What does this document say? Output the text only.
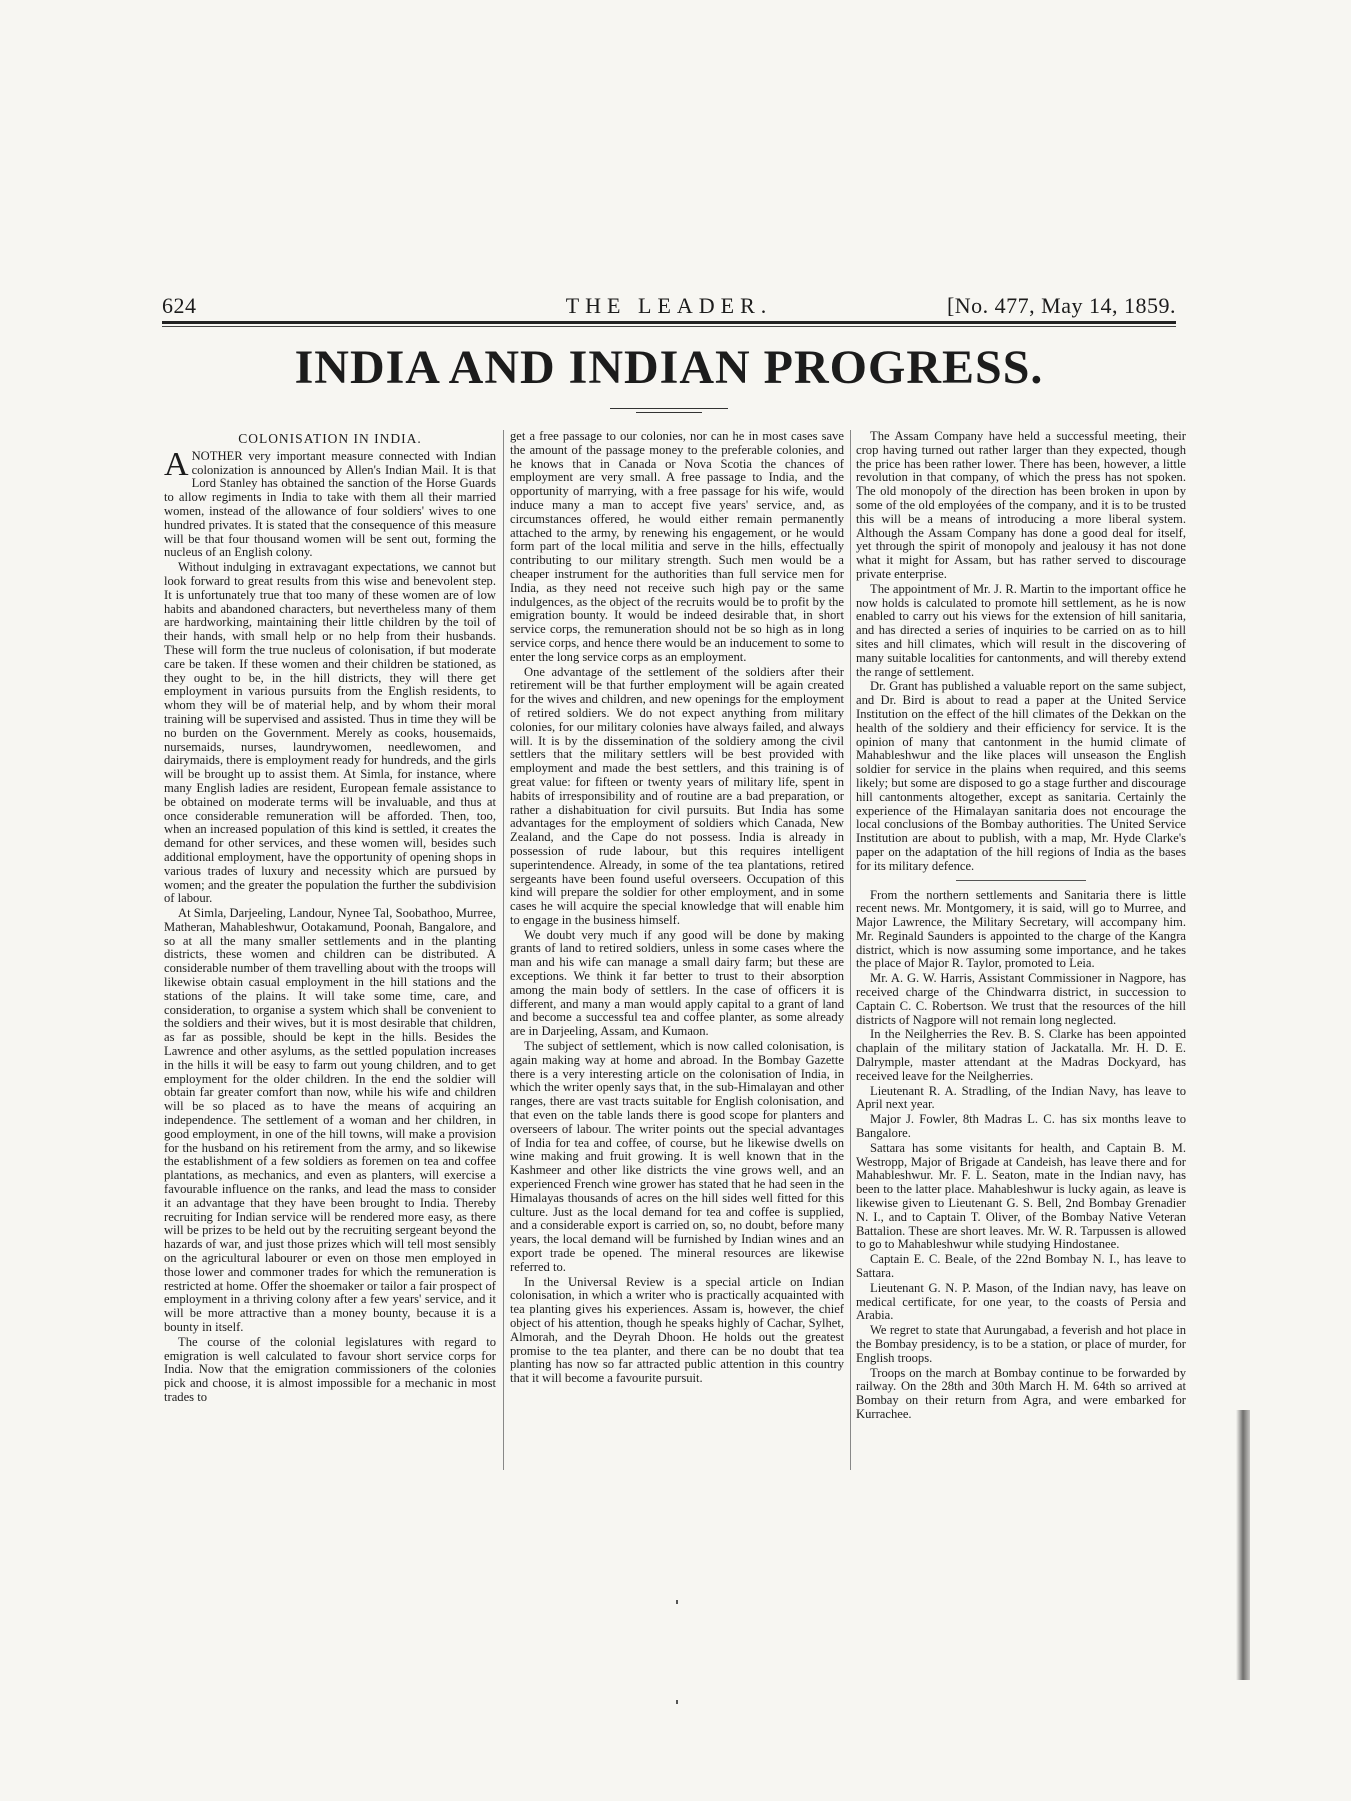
624	THE LEADER.	[No. 477, May 14, 1859.
INDIA AND INDIAN PROGRESS.
COLONISATION IN INDIA.

ANOTHER very important measure connected with Indian colonization is announced by Allen's Indian Mail. It is that Lord Stanley has obtained the sanction of the Horse Guards to allow regiments in India to take with them all their married women, instead of the allowance of four soldiers' wives to one hundred privates. It is stated that the consequence of this measure will be that four thousand women will be sent out, forming the nucleus of an English colony.

Without indulging in extravagant expectations, we cannot but look forward to great results from this wise and benevolent step. It is unfortunately true that too many of these women are of low habits and abandoned characters, but nevertheless many of them are hardworking, maintaining their little children by the toil of their hands, with small help or no help from their husbands. These will form the true nucleus of colonisation, if but moderate care be taken. If these women and their children be stationed, as they ought to be, in the hill districts, they will there get employment in various pursuits from the English residents, to whom they will be of material help, and by whom their moral training will be supervised and assisted. Thus in time they will be no burden on the Government. Merely as cooks, housemaids, nursemaids, nurses, laundrywomen, needlewomen, and dairymaids, there is employment ready for hundreds, and the girls will be brought up to assist them. At Simla, for instance, where many English ladies are resident, European female assistance to be obtained on moderate terms will be invaluable, and thus at once considerable remuneration will be afforded. Then, too, when an increased population of this kind is settled, it creates the demand for other services, and these women will, besides such additional employment, have the opportunity of opening shops in various trades of luxury and necessity which are pursued by women; and the greater the population the further the subdivision of labour.

At Simla, Darjeeling, Landour, Nynee Tal, Soobathoo, Murree, Matheran, Mahableshwur, Ootakamund, Poonah, Bangalore, and so at all the many smaller settlements and in the planting districts, these women and children can be distributed. A considerable number of them travelling about with the troops will likewise obtain casual employment in the hill stations and the stations of the plains. It will take some time, care, and consideration, to organise a system which shall be convenient to the soldiers and their wives, but it is most desirable that children, as far as possible, should be kept in the hills. Besides the Lawrence and other asylums, as the settled population increases in the hills it will be easy to farm out young children, and to get employment for the older children. In the end the soldier will obtain far greater comfort than now, while his wife and children will be so placed as to have the means of acquiring an independence. The settlement of a woman and her children, in good employment, in one of the hill towns, will make a provision for the husband on his retirement from the army, and so likewise the establishment of a few soldiers as foremen on tea and coffee plantations, as mechanics, and even as planters, will exercise a favourable influence on the ranks, and lead the mass to consider it an advantage that they have been brought to India. Thereby recruiting for Indian service will be rendered more easy, as there will be prizes to be held out by the recruiting sergeant beyond the hazards of war, and just those prizes which will tell most sensibly on the agricultural labourer or even on those men employed in those lower and commoner trades for which the remuneration is restricted at home. Offer the shoemaker or tailor a fair prospect of employment in a thriving colony after a few years' service, and it will be more attractive than a money bounty, because it is a bounty in itself.

The course of the colonial legislatures with regard to emigration is well calculated to favour short service corps for India. Now that the emigration commissioners of the colonies pick and choose, it is almost impossible for a mechanic in most trades to

get a free passage to our colonies, nor can he in most cases save the amount of the passage money to the preferable colonies, and he knows that in Canada or Nova Scotia the chances of employment are very small. A free passage to India, and the opportunity of marrying, with a free passage for his wife, would induce many a man to accept five years' service, and, as circumstances offered, he would either remain permanently attached to the army, by renewing his engagement, or he would form part of the local militia and serve in the hills, effectually contributing to our military strength. Such men would be a cheaper instrument for the authorities than full service men for India, as they need not receive such high pay or the same indulgences, as the object of the recruits would be to profit by the emigration bounty. It would be indeed desirable that, in short service corps, the remuneration should not be so high as in long service corps, and hence there would be an inducement to some to enter the long service corps as an employment.

One advantage of the settlement of the soldiers after their retirement will be that further employment will be again created for the wives and children, and new openings for the employment of retired soldiers. We do not expect anything from military colonies, for our military colonies have always failed, and always will. It is by the dissemination of the soldiery among the civil settlers that the military settlers will be best provided with employment and made the best settlers, and this training is of great value: for fifteen or twenty years of military life, spent in habits of irresponsibility and of routine are a bad preparation, or rather a dishabituation for civil pursuits. But India has some advantages for the employment of soldiers which Canada, New Zealand, and the Cape do not possess. India is already in possession of rude labour, but this requires intelligent superintendence. Already, in some of the tea plantations, retired sergeants have been found useful overseers. Occupation of this kind will prepare the soldier for other employment, and in some cases he will acquire the special knowledge that will enable him to engage in the business himself.

We doubt very much if any good will be done by making grants of land to retired soldiers, unless in some cases where the man and his wife can manage a small dairy farm; but these are exceptions. We think it far better to trust to their absorption among the main body of settlers. In the case of officers it is different, and many a man would apply capital to a grant of land and become a successful tea and coffee planter, as some already are in Darjeeling, Assam, and Kumaon.

The subject of settlement, which is now called colonisation, is again making way at home and abroad. In the Bombay Gazette there is a very interesting article on the colonisation of India, in which the writer openly says that, in the sub-Himalayan and other ranges, there are vast tracts suitable for English colonisation, and that even on the table lands there is good scope for planters and overseers of labour. The writer points out the special advantages of India for tea and coffee, of course, but he likewise dwells on wine making and fruit growing. It is well known that in the Kashmeer and other like districts the vine grows well, and an experienced French wine grower has stated that he had seen in the Himalayas thousands of acres on the hill sides well fitted for this culture. Just as the local demand for tea and coffee is supplied, and a considerable export is carried on, so, no doubt, before many years, the local demand will be furnished by Indian wines and an export trade be opened. The mineral resources are likewise referred to.

In the Universal Review is a special article on Indian colonisation, in which a writer who is practically acquainted with tea planting gives his experiences. Assam is, however, the chief object of his attention, though he speaks highly of Cachar, Sylhet, Almorah, and the Deyrah Dhoon. He holds out the greatest promise to the tea planter, and there can be no doubt that tea planting has now so far attracted public attention in this country that it will become a favourite pursuit.

The Assam Company have held a successful meeting, their crop having turned out rather larger than they expected, though the price has been rather lower. There has been, however, a little revolution in that company, of which the press has not spoken. The old monopoly of the direction has been broken in upon by some of the old employées of the company, and it is to be trusted this will be a means of introducing a more liberal system. Although the Assam Company has done a good deal for itself, yet through the spirit of monopoly and jealousy it has not done what it might for Assam, but has rather served to discourage private enterprise.

The appointment of Mr. J. R. Martin to the important office he now holds is calculated to promote hill settlement, as he is now enabled to carry out his views for the extension of hill sanitaria, and has directed a series of inquiries to be carried on as to hill sites and hill climates, which will result in the discovering of many suitable localities for cantonments, and will thereby extend the range of settlement.

Dr. Grant has published a valuable report on the same subject, and Dr. Bird is about to read a paper at the United Service Institution on the effect of the hill climates of the Dekkan on the health of the soldiery and their efficiency for service. It is the opinion of many that cantonment in the humid climate of Mahableshwur and the like places will unseason the English soldier for service in the plains when required, and this seems likely; but some are disposed to go a stage further and discourage hill cantonments altogether, except as sanitaria. Certainly the experience of the Himalayan sanitaria does not encourage the local conclusions of the Bombay authorities. The United Service Institution are about to publish, with a map, Mr. Hyde Clarke's paper on the adaptation of the hill regions of India as the bases for its military defence.

From the northern settlements and Sanitaria there is little recent news. Mr. Montgomery, it is said, will go to Murree, and Major Lawrence, the Military Secretary, will accompany him. Mr. Reginald Saunders is appointed to the charge of the Kangra district, which is now assuming some importance, and he takes the place of Major R. Taylor, promoted to Leia.

Mr. A. G. W. Harris, Assistant Commissioner in Nagpore, has received charge of the Chindwarra district, in succession to Captain C. C. Robertson. We trust that the resources of the hill districts of Nagpore will not remain long neglected.

In the Neilgherries the Rev. B. S. Clarke has been appointed chaplain of the military station of Jackatalla. Mr. H. D. E. Dalrymple, master attendant at the Madras Dockyard, has received leave for the Neilgherries.

Lieutenant R. A. Stradling, of the Indian Navy, has leave to April next year.

Major J. Fowler, 8th Madras L. C. has six months leave to Bangalore.

Sattara has some visitants for health, and Captain B. M. Westropp, Major of Brigade at Candeish, has leave there and for Mahableshwur. Mr. F. L. Seaton, mate in the Indian navy, has been to the latter place. Mahableshwur is lucky again, as leave is likewise given to Lieutenant G. S. Bell, 2nd Bombay Grenadier N. I., and to Captain T. Oliver, of the Bombay Native Veteran Battalion. These are short leaves. Mr. W. R. Tarpussen is allowed to go to Mahableshwur while studying Hindostanee.

Captain E. C. Beale, of the 22nd Bombay N. I., has leave to Sattara.

Lieutenant G. N. P. Mason, of the Indian navy, has leave on medical certificate, for one year, to the coasts of Persia and Arabia.

We regret to state that Aurungabad, a feverish and hot place in the Bombay presidency, is to be a station, or place of murder, for English troops.

Troops on the march at Bombay continue to be forwarded by railway. On the 28th and 30th March H. M. 64th so arrived at Bombay on their return from Agra, and were embarked for Kurrachee.
